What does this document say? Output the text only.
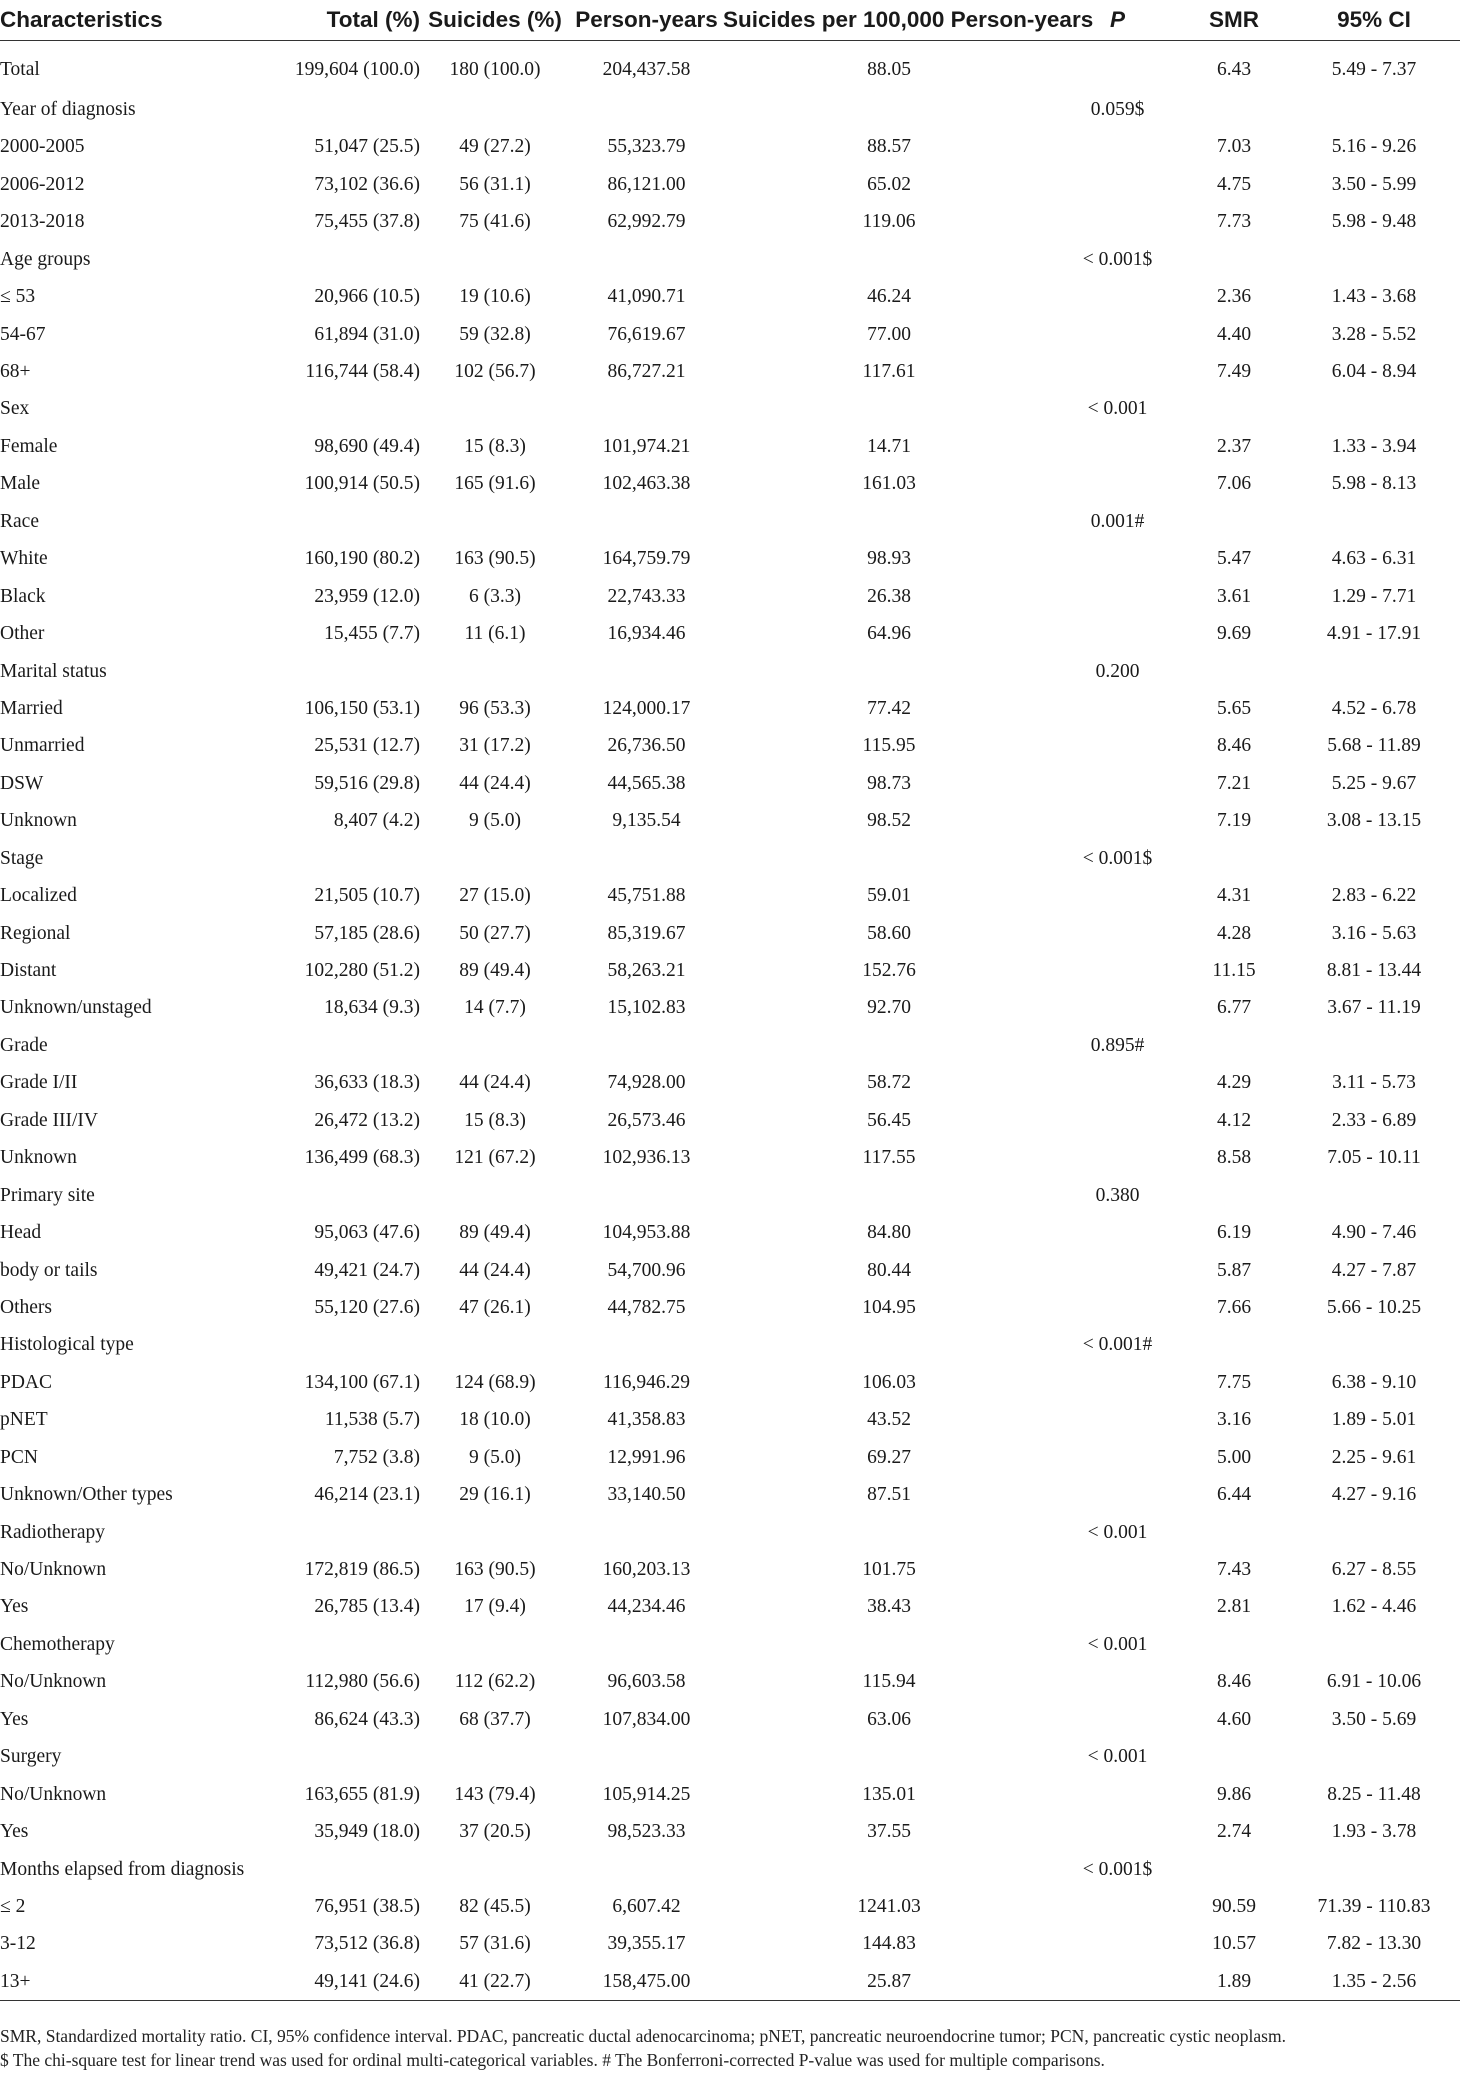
Characteristics	Total (%)	Suicides (%)	Person-years	Suicides per 100,000 Person-years	P	SMR	95% CI
Total	199,604 (100.0)	180 (100.0)	204,437.58	88.05		6.43	5.49 - 7.37
Year of diagnosis					0.059$		
2000-2005	51,047 (25.5)	49 (27.2)	55,323.79	88.57		7.03	5.16 - 9.26
2006-2012	73,102 (36.6)	56 (31.1)	86,121.00	65.02		4.75	3.50 - 5.99
2013-2018	75,455 (37.8)	75 (41.6)	62,992.79	119.06		7.73	5.98 - 9.48
Age groups					< 0.001$		
≤ 53	20,966 (10.5)	19 (10.6)	41,090.71	46.24		2.36	1.43 - 3.68
54-67	61,894 (31.0)	59 (32.8)	76,619.67	77.00		4.40	3.28 - 5.52
68+	116,744 (58.4)	102 (56.7)	86,727.21	117.61		7.49	6.04 - 8.94
Sex					< 0.001		
Female	98,690 (49.4)	15 (8.3)	101,974.21	14.71		2.37	1.33 - 3.94
Male	100,914 (50.5)	165 (91.6)	102,463.38	161.03		7.06	5.98 - 8.13
Race					0.001#		
White	160,190 (80.2)	163 (90.5)	164,759.79	98.93		5.47	4.63 - 6.31
Black	23,959 (12.0)	6 (3.3)	22,743.33	26.38		3.61	1.29 - 7.71
Other	15,455 (7.7)	11 (6.1)	16,934.46	64.96		9.69	4.91 - 17.91
Marital status					0.200		
Married	106,150 (53.1)	96 (53.3)	124,000.17	77.42		5.65	4.52 - 6.78
Unmarried	25,531 (12.7)	31 (17.2)	26,736.50	115.95		8.46	5.68 - 11.89
DSW	59,516 (29.8)	44 (24.4)	44,565.38	98.73		7.21	5.25 - 9.67
Unknown	8,407 (4.2)	9 (5.0)	9,135.54	98.52		7.19	3.08 - 13.15
Stage					< 0.001$		
Localized	21,505 (10.7)	27 (15.0)	45,751.88	59.01		4.31	2.83 - 6.22
Regional	57,185 (28.6)	50 (27.7)	85,319.67	58.60		4.28	3.16 - 5.63
Distant	102,280 (51.2)	89 (49.4)	58,263.21	152.76		11.15	8.81 - 13.44
Unknown/unstaged	18,634 (9.3)	14 (7.7)	15,102.83	92.70		6.77	3.67 - 11.19
Grade					0.895#		
Grade I/II	36,633 (18.3)	44 (24.4)	74,928.00	58.72		4.29	3.11 - 5.73
Grade III/IV	26,472 (13.2)	15 (8.3)	26,573.46	56.45		4.12	2.33 - 6.89
Unknown	136,499 (68.3)	121 (67.2)	102,936.13	117.55		8.58	7.05 - 10.11
Primary site					0.380		
Head	95,063 (47.6)	89 (49.4)	104,953.88	84.80		6.19	4.90 - 7.46
body or tails	49,421 (24.7)	44 (24.4)	54,700.96	80.44		5.87	4.27 - 7.87
Others	55,120 (27.6)	47 (26.1)	44,782.75	104.95		7.66	5.66 - 10.25
Histological type					< 0.001#		
PDAC	134,100 (67.1)	124 (68.9)	116,946.29	106.03		7.75	6.38 - 9.10
pNET	11,538 (5.7)	18 (10.0)	41,358.83	43.52		3.16	1.89 - 5.01
PCN	7,752 (3.8)	9 (5.0)	12,991.96	69.27		5.00	2.25 - 9.61
Unknown/Other types	46,214 (23.1)	29 (16.1)	33,140.50	87.51		6.44	4.27 - 9.16
Radiotherapy					< 0.001		
No/Unknown	172,819 (86.5)	163 (90.5)	160,203.13	101.75		7.43	6.27 - 8.55
Yes	26,785 (13.4)	17 (9.4)	44,234.46	38.43		2.81	1.62 - 4.46
Chemotherapy					< 0.001		
No/Unknown	112,980 (56.6)	112 (62.2)	96,603.58	115.94		8.46	6.91 - 10.06
Yes	86,624 (43.3)	68 (37.7)	107,834.00	63.06		4.60	3.50 - 5.69
Surgery					< 0.001		
No/Unknown	163,655 (81.9)	143 (79.4)	105,914.25	135.01		9.86	8.25 - 11.48
Yes	35,949 (18.0)	37 (20.5)	98,523.33	37.55		2.74	1.93 - 3.78
Months elapsed from diagnosis					< 0.001$		
≤ 2	76,951 (38.5)	82 (45.5)	6,607.42	1241.03		90.59	71.39 - 110.83
3-12	73,512 (36.8)	57 (31.6)	39,355.17	144.83		10.57	7.82 - 13.30
13+	49,141 (24.6)	41 (22.7)	158,475.00	25.87		1.89	1.35 - 2.56

SMR, Standardized mortality ratio. CI, 95% confidence interval. PDAC, pancreatic ductal adenocarcinoma; pNET, pancreatic neuroendocrine tumor; PCN, pancreatic cystic neoplasm.

$ The chi-square test for linear trend was used for ordinal multi-categorical variables. # The Bonferroni-corrected P-value was used for multiple comparisons.
